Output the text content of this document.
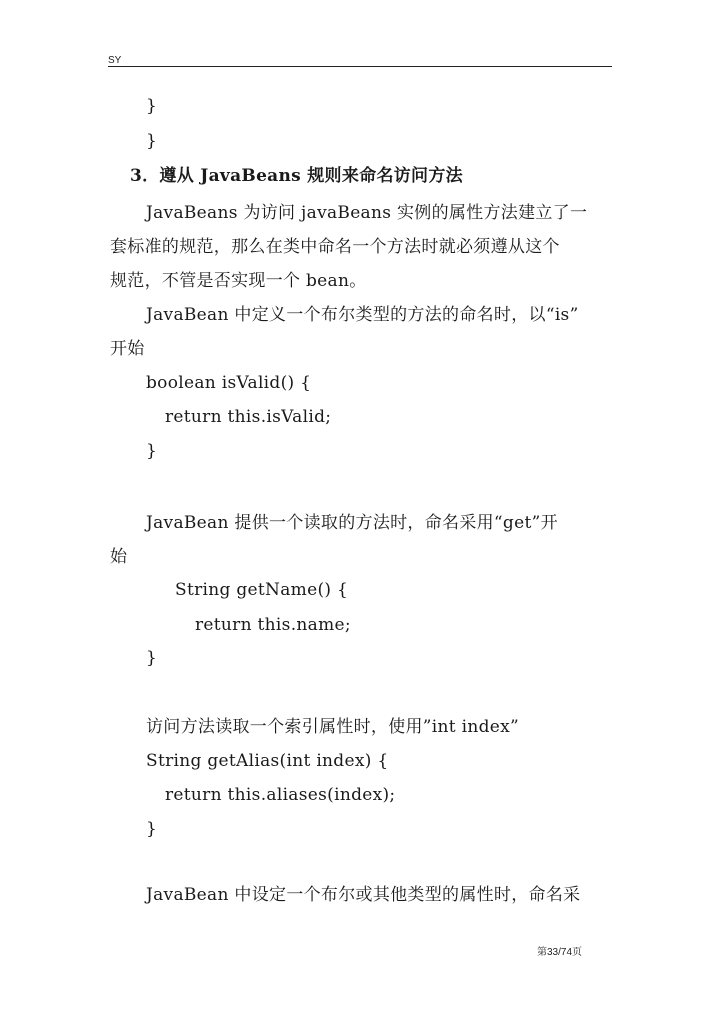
SY
}
}
3．遵从 JavaBeans 规则来命名访问方法
JavaBeans 为访问 javaBeans 实例的属性方法建立了一
套标准的规范，那么在类中命名一个方法时就必须遵从这个
规范，不管是否实现一个 bean。
JavaBean 中定义一个布尔类型的方法的命名时，以“is”
开始
boolean isValid() {
return this.isValid;
}
JavaBean 提供一个读取的方法时，命名采用“get”开
始
String getName() {
return this.name;
}
访问方法读取一个索引属性时，使用”int index”
String getAlias(int index) {
return this.aliases(index);
}
JavaBean 中设定一个布尔或其他类型的属性时，命名采
第33/74页
